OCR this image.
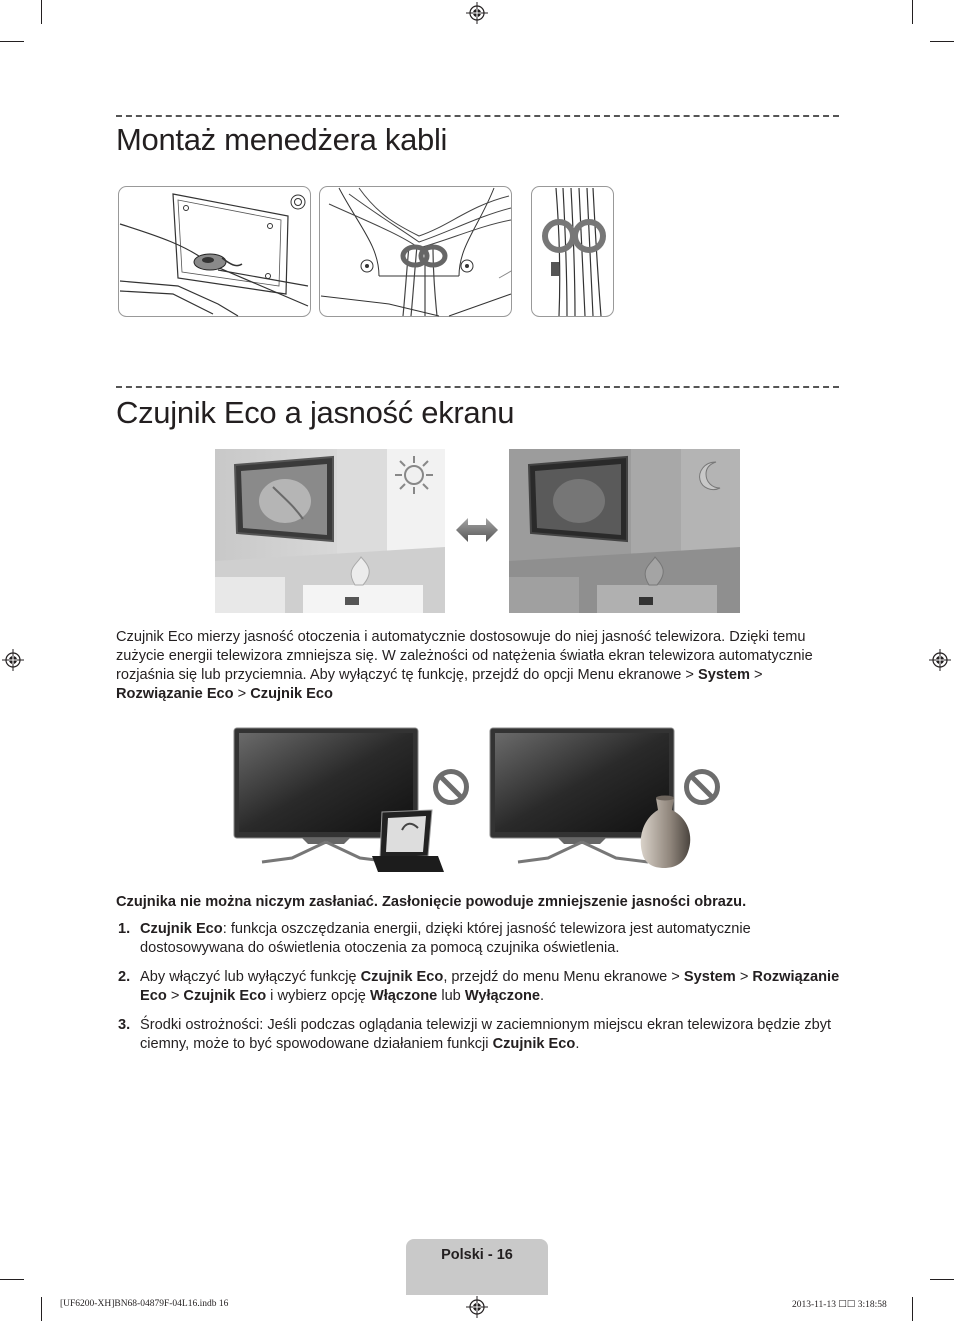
Montaż menedżera kabli
Czujnik Eco a jasność ekranu
Czujnik Eco mierzy jasność otoczenia i automatycznie dostosowuje do niej jasność telewizora. Dzięki temu zużycie energii telewizora zmniejsza się. W zależności od natężenia światła ekran telewizora automatycznie rozjaśnia się lub przyciemnia. Aby wyłączyć tę funkcję, przejdź do opcji Menu ekranowe > System > Rozwiązanie Eco > Czujnik Eco
Czujnika nie można niczym zasłaniać. Zasłonięcie powoduje zmniejszenie jasności obrazu.
1. Czujnik Eco: funkcja oszczędzania energii, dzięki której jasność telewizora jest automatycznie dostosowywana do oświetlenia otoczenia za pomocą czujnika oświetlenia.
2. Aby włączyć lub wyłączyć funkcję Czujnik Eco, przejdź do menu Menu ekranowe > System > Rozwiązanie Eco > Czujnik Eco i wybierz opcję Włączone lub Wyłączone.
3. Środki ostrożności: Jeśli podczas oglądania telewizji w zaciemnionym miejscu ekran telewizora będzie zbyt ciemny, może to być spowodowane działaniem funkcji Czujnik Eco.
Polski - 16
[UF6200-XH]BN68-04879F-04L16.indb 16	2013-11-13 ☐☐ 3:18:58
